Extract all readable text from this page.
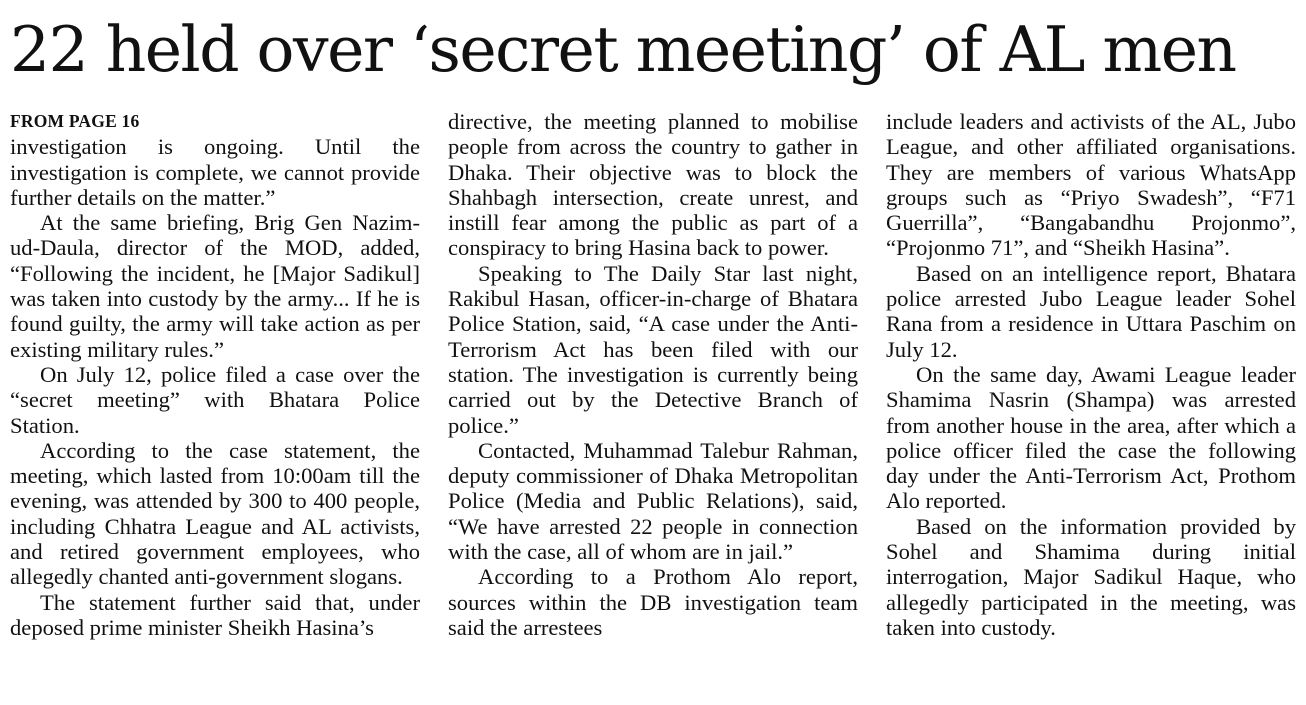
22 held over ‘secret meeting’ of AL men
FROM PAGE 16

investigation is ongoing. Until the investigation is complete, we cannot provide further details on the matter.”

At the same briefing, Brig Gen Nazim-ud-Daula, director of the MOD, added, “Following the incident, he [Major Sadikul] was taken into custody by the army... If he is found guilty, the army will take action as per existing military rules.”

On July 12, police filed a case over the “secret meeting” with Bhatara Police Station.

According to the case statement, the meeting, which lasted from 10:00am till the evening, was attended by 300 to 400 people, including Chhatra League and AL activists, and retired government employees, who allegedly chanted anti-government slogans.

The statement further said that, under deposed prime minister Sheikh Hasina’s

directive, the meeting planned to mobilise people from across the country to gather in Dhaka. Their objective was to block the Shahbagh intersection, create unrest, and instill fear among the public as part of a conspiracy to bring Hasina back to power.

Speaking to The Daily Star last night, Rakibul Hasan, officer-in-charge of Bhatara Police Station, said, “A case under the Anti-Terrorism Act has been filed with our station. The investigation is currently being carried out by the Detective Branch of police.”

Contacted, Muhammad Talebur Rahman, deputy commissioner of Dhaka Metropolitan Police (Media and Public Relations), said, “We have arrested 22 people in connection with the case, all of whom are in jail.”

According to a Prothom Alo report, sources within the DB investigation team said the arrestees

include leaders and activists of the AL, Jubo League, and other affiliated organisations. They are members of various WhatsApp groups such as “Priyo Swadesh”, “F71 Guerrilla”, “Bangabandhu Projonmo”, “Projonmo 71”, and “Sheikh Hasina”.

Based on an intelligence report, Bhatara police arrested Jubo League leader Sohel Rana from a residence in Uttara Paschim on July 12.

On the same day, Awami League leader Shamima Nasrin (Shampa) was arrested from another house in the area, after which a police officer filed the case the following day under the Anti-Terrorism Act, Prothom Alo reported.

Based on the information provided by Sohel and Shamima during initial interrogation, Major Sadikul Haque, who allegedly participated in the meeting, was taken into custody.
